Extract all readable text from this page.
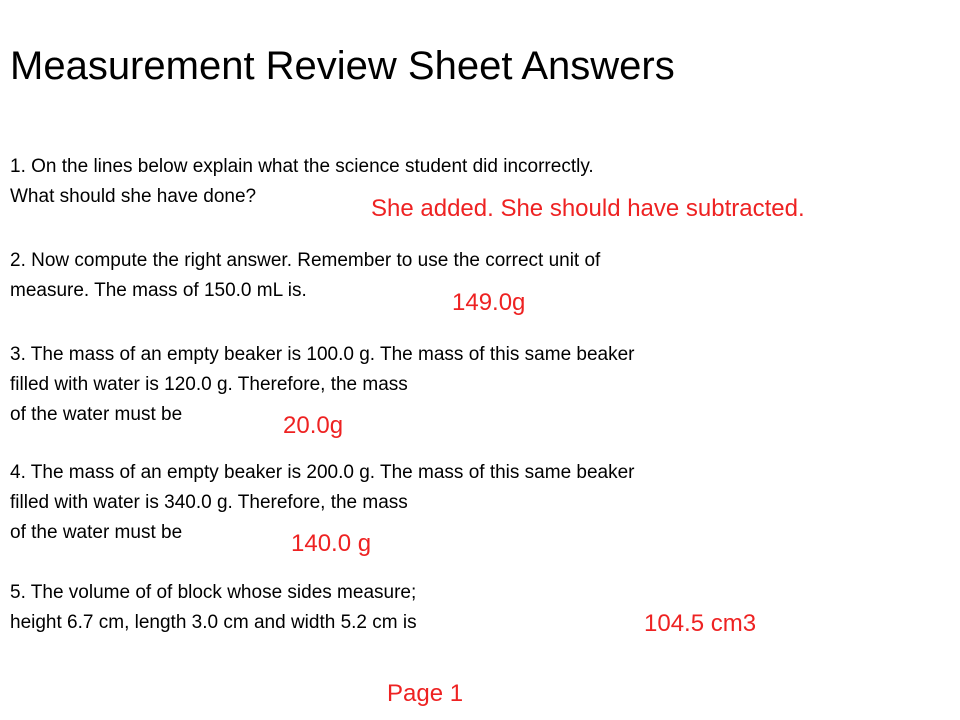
Measurement Review Sheet Answers
1. On the lines below explain what the science student did incorrectly.
What should she have done?	She added. She should have subtracted.
2. Now compute the right answer. Remember to use the correct unit of
measure. The mass of 150.0 mL is.	149.0g
3. The mass of an empty beaker is 100.0 g. The mass of this same beaker
filled with water is 120.0 g. Therefore, the mass
of the water must be	20.0g
4. The mass of an empty beaker is 200.0 g. The mass of this same beaker
filled with water is 340.0 g. Therefore, the mass
of the water must be	140.0 g
5. The volume of of block whose sides measure;
height 6.7 cm, length 3.0 cm and width 5.2 cm is	104.5 cm3
Page 1
